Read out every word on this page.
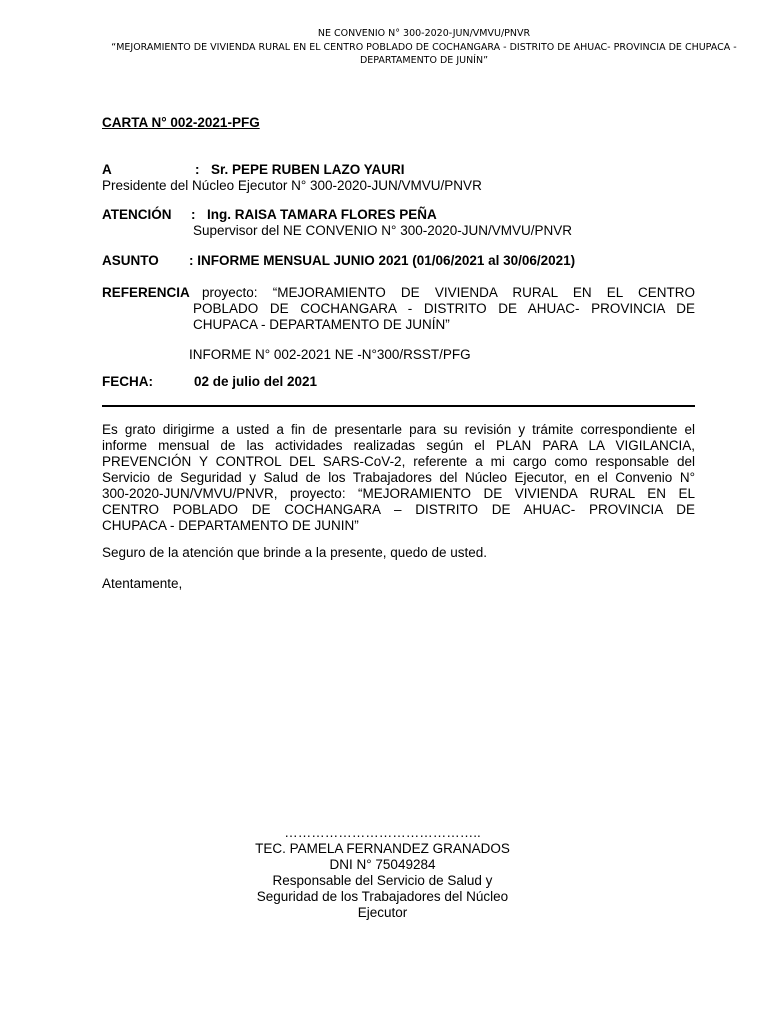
NE CONVENIO N° 300-2020-JUN/VMVU/PNVR
“MEJORAMIENTO DE VIVIENDA RURAL EN EL CENTRO POBLADO DE COCHANGARA - DISTRITO DE AHUAC- PROVINCIA DE CHUPACA -
DEPARTAMENTO DE JUNÍN”
CARTA N° 002-2021-PFG
A	: Sr. PEPE RUBEN LAZO YAURI
Presidente del Núcleo Ejecutor N° 300-2020-JUN/VMVU/PNVR
ATENCIÓN : Ing. RAISA TAMARA FLORES PEÑA
Supervisor del NE CONVENIO N° 300-2020-JUN/VMVU/PNVR
ASUNTO : INFORME MENSUAL JUNIO 2021 (01/06/2021 al 30/06/2021)
REFERENCIA proyecto: “MEJORAMIENTO DE VIVIENDA RURAL EN EL CENTRO
POBLADO DE COCHANGARA - DISTRITO DE AHUAC- PROVINCIA DE
CHUPACA - DEPARTAMENTO DE JUNÍN”
INFORME N° 002-2021 NE -N°300/RSST/PFG
FECHA:	02 de julio del 2021
Es grato dirigirme a usted a fin de presentarle para su revisión y trámite correspondiente el
informe mensual de las actividades realizadas según el PLAN PARA LA VIGILANCIA,
PREVENCIÓN Y CONTROL DEL SARS-CoV-2, referente a mi cargo como responsable del
Servicio de Seguridad y Salud de los Trabajadores del Núcleo Ejecutor, en el Convenio N°
300-2020-JUN/VMVU/PNVR, proyecto: “MEJORAMIENTO DE VIVIENDA RURAL EN EL
CENTRO POBLADO DE COCHANGARA – DISTRITO DE AHUAC- PROVINCIA DE
CHUPACA - DEPARTAMENTO DE JUNIN”
Seguro de la atención que brinde a la presente, quedo de usted.
Atentamente,
……………………………………..
TEC. PAMELA FERNANDEZ GRANADOS
DNI N° 75049284
Responsable del Servicio de Salud y
Seguridad de los Trabajadores del Núcleo
Ejecutor
